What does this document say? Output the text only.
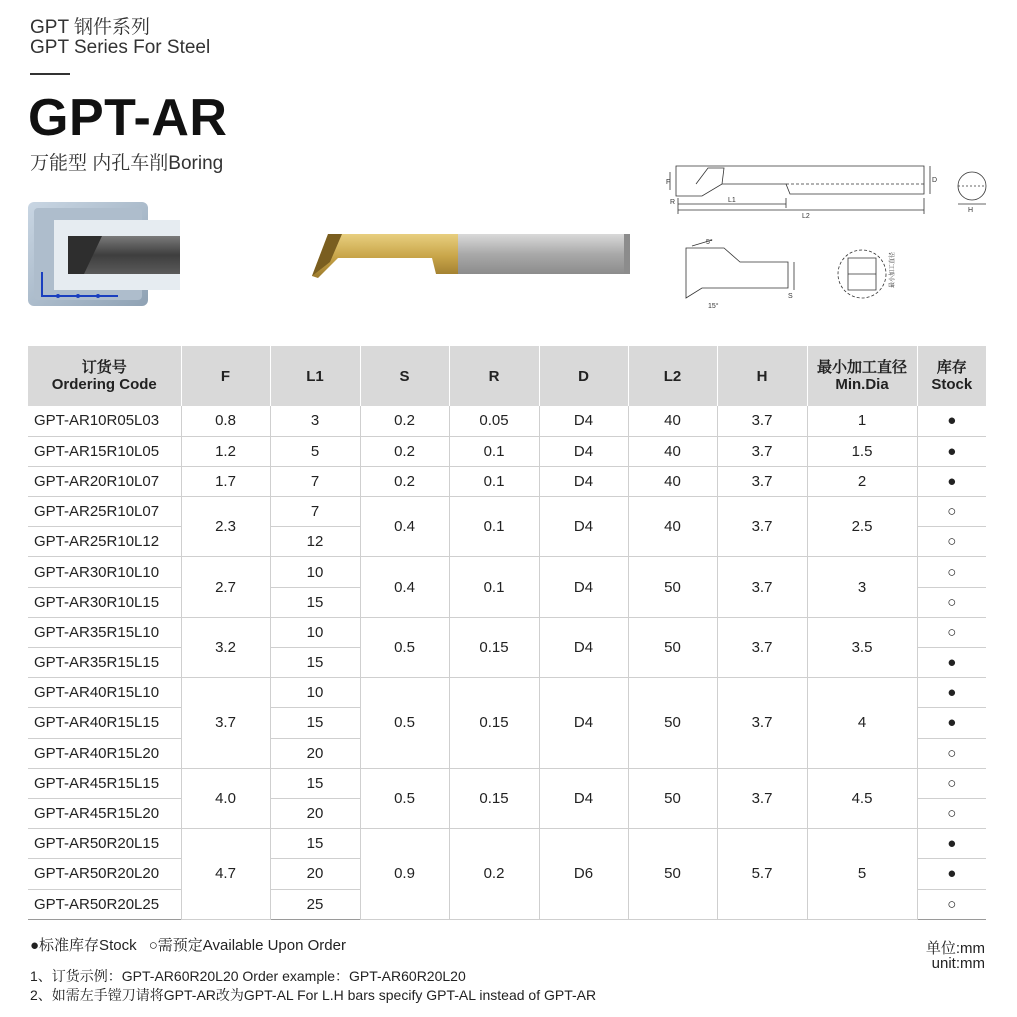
GPT 钢件系列
GPT Series For Steel
GPT-AR
万能型 内孔车削Boring
F
R	L1
L2
D
H
5°
15°
S
最小加工直径
订货号
Ordering Code	F	L1	S	R	D	L2	H	最小加工直径
Min.Dia	库存
Stock
GPT-AR10R05L03	0.8	3	0.2	0.05	D4	40	3.7	1	●
GPT-AR15R10L05	1.2	5	0.2	0.1	D4	40	3.7	1.5	●
GPT-AR20R10L07	1.7	7	0.2	0.1	D4	40	3.7	2	●
GPT-AR25R10L07	2.3	7	0.4	0.1	D4	40	3.7	2.5	○
GPT-AR25R10L12		12							○
GPT-AR30R10L10	2.7	10	0.4	0.1	D4	50	3.7	3	○
GPT-AR30R10L15		15							○
GPT-AR35R15L10	3.2	10	0.5	0.15	D4	50	3.7	3.5	○
GPT-AR35R15L15		15							●
GPT-AR40R15L10	3.7	10	0.5	0.15	D4	50	3.7	4	●
GPT-AR40R15L15		15							●
GPT-AR40R15L20		20							○
GPT-AR45R15L15	4.0	15	0.5	0.15	D4	50	3.7	4.5	○
GPT-AR45R15L20		20							○
GPT-AR50R20L15	4.7	15	0.9	0.2	D6	50	5.7	5	●
GPT-AR50R20L20		20							●
GPT-AR50R20L25		25							○
●标准库存Stock ○需预定Available Upon Order	单位:mm
unit:mm
1、订货示例：GPT-AR60R20L20 Order example：GPT-AR60R20L20
2、如需左手镗刀请将GPT-AR改为GPT-AL For L.H bars specify GPT-AL instead of GPT-AR
